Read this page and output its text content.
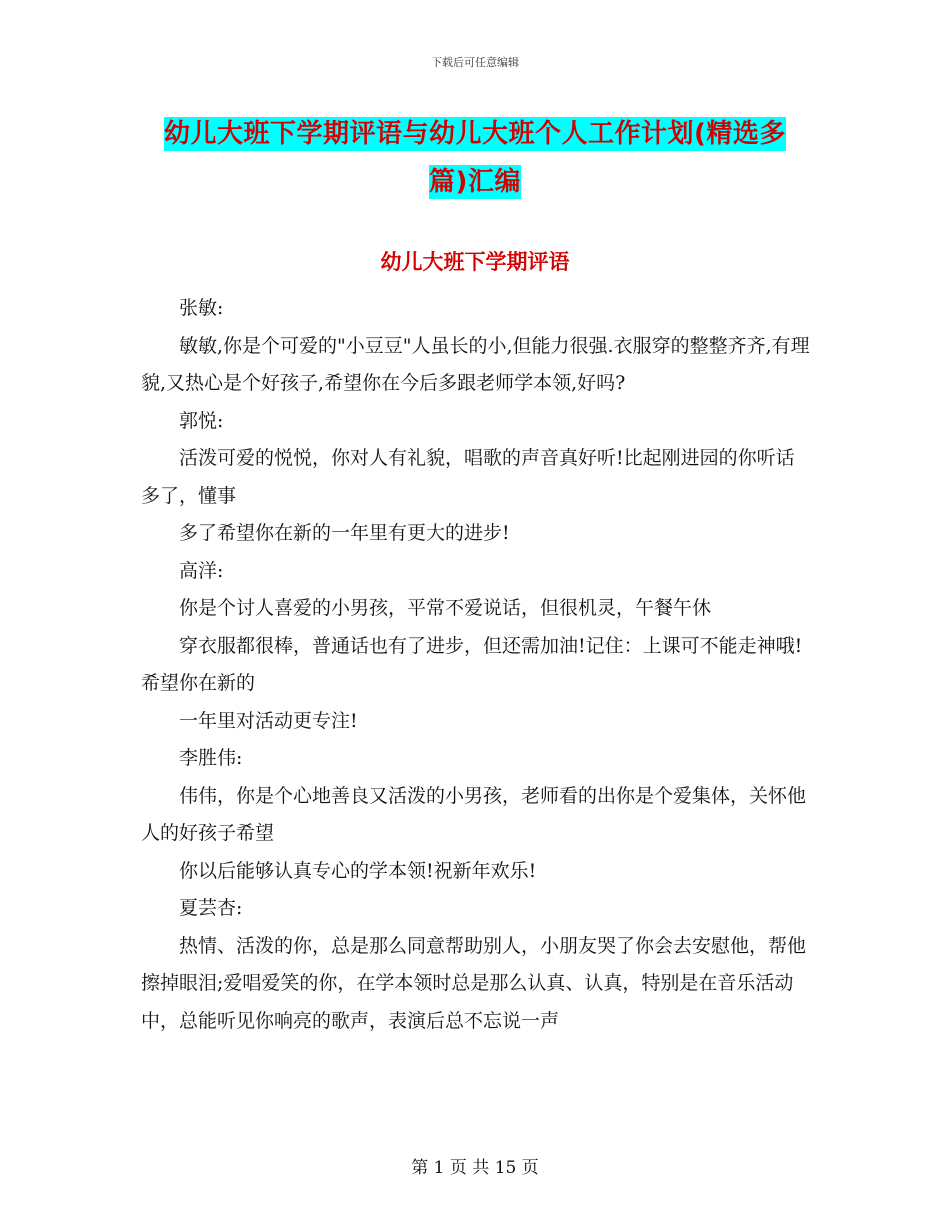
下载后可任意编辑
幼儿大班下学期评语与幼儿大班个人工作计划(精选多
篇)汇编
幼儿大班下学期评语

张敏:

敏敏,你是个可爱的"小豆豆"人虽长的小,但能力很强.衣服穿的整整齐齐,有理貌,又热心是个好孩子,希望你在今后多跟老师学本领,好吗?

郭悦:

活泼可爱的悦悦，你对人有礼貌，唱歌的声音真好听!比起刚进园的你听话多了，懂事

多了希望你在新的一年里有更大的进步!

高洋:

你是个讨人喜爱的小男孩，平常不爱说话，但很机灵，午餐午休

穿衣服都很棒，普通话也有了进步，但还需加油!记住：上课可不能走神哦!希望你在新的

一年里对活动更专注!

李胜伟:

伟伟，你是个心地善良又活泼的小男孩，老师看的出你是个爱集体，关怀他人的好孩子希望

你以后能够认真专心的学本领!祝新年欢乐!

夏芸杏:

热情、活泼的你，总是那么同意帮助别人，小朋友哭了你会去安慰他，帮他擦掉眼泪;爱唱爱笑的你，在学本领时总是那么认真、认真，特别是在音乐活动中，总能听见你响亮的歌声，表演后总不忘说一声

第 1 页 共 15 页
